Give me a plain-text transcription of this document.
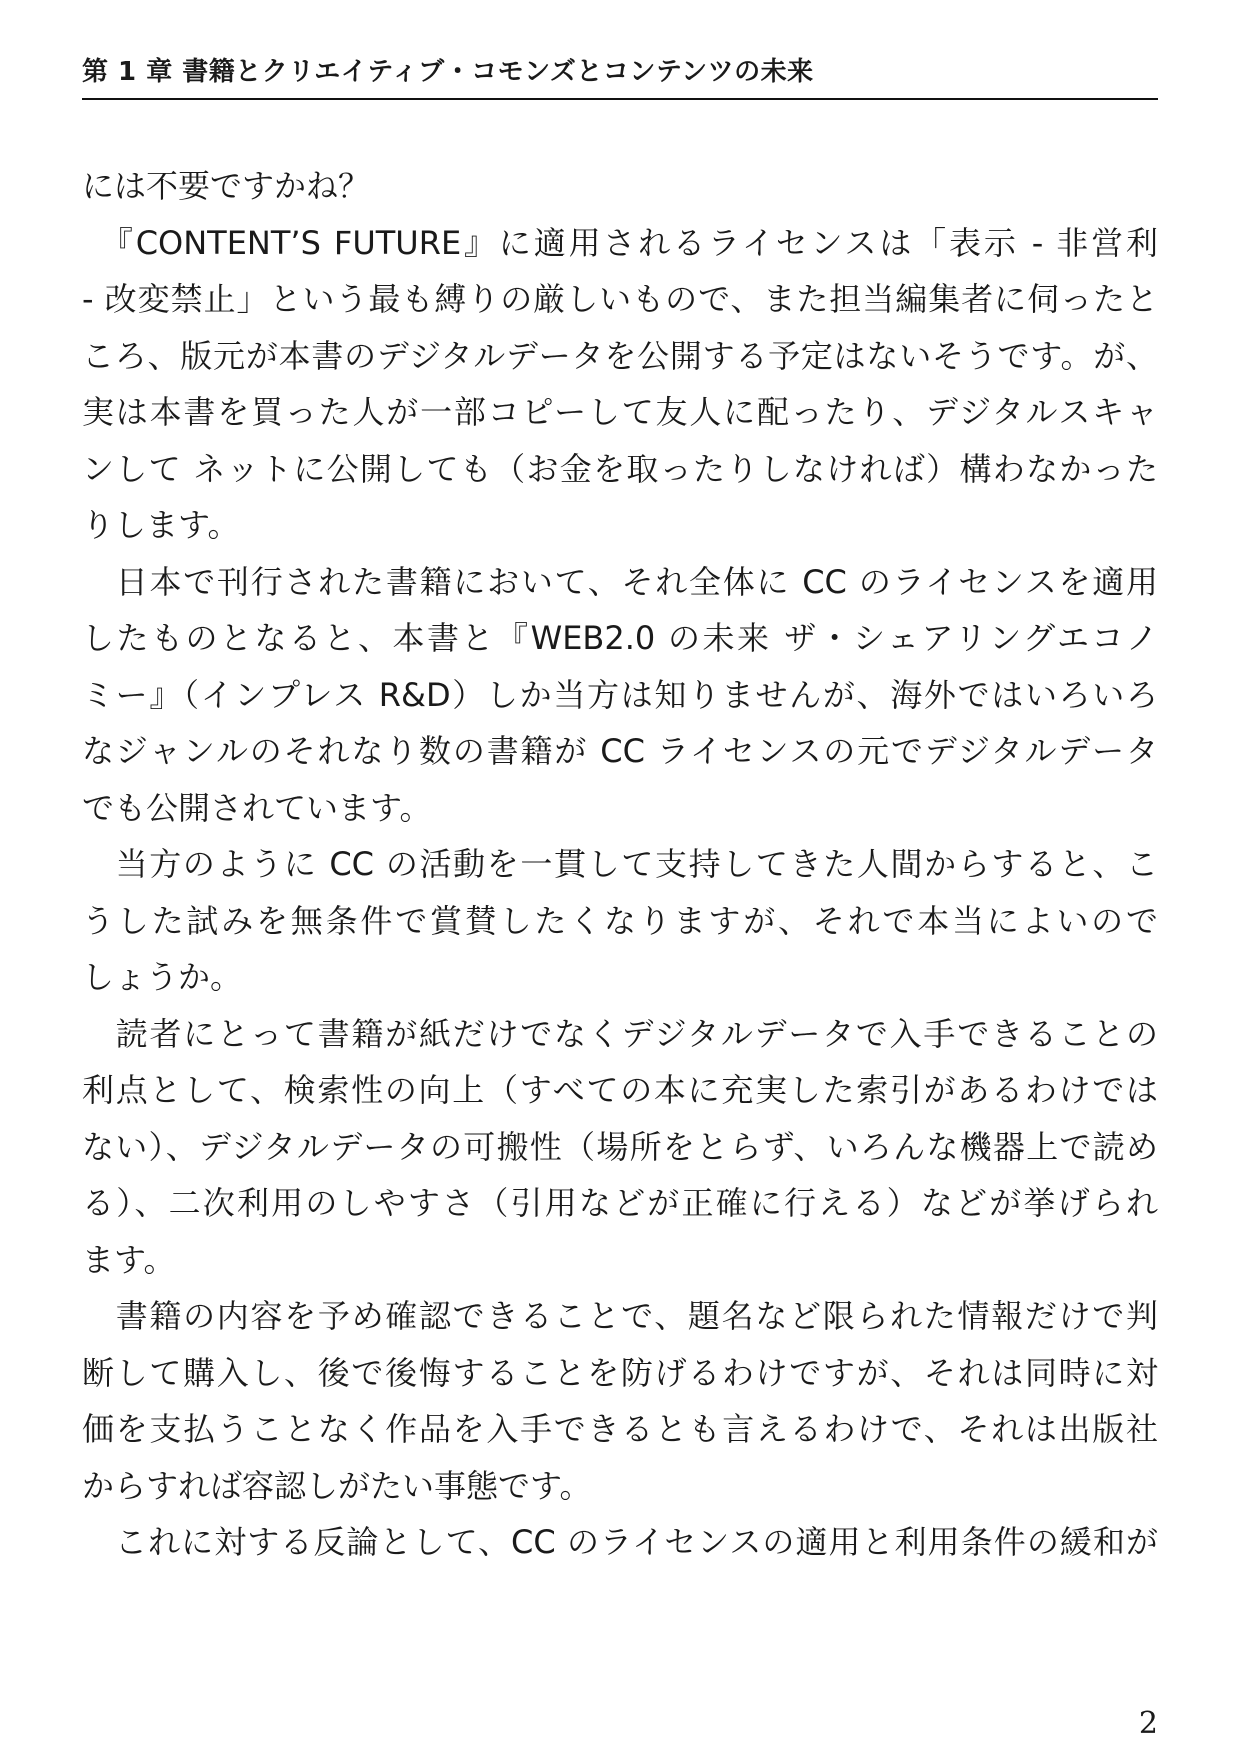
第 1 章 書籍とクリエイティブ・コモンズとコンテンツの未来
には不要ですかね？
　『CONTENT’S FUTURE』に適用されるライセンスは「表示 - 非営利
- 改変禁止」という最も縛りの厳しいもので、また担当編集者に伺ったと
ころ、版元が本書のデジタルデータを公開する予定はないそうです。が、
実は本書を買った人が一部コピーして友人に配ったり、デジタルスキャ
ンして ネットに公開しても（お金を取ったりしなければ）構わなかった
りします。
　日本で刊行された書籍において、それ全体に CC のライセンスを適用
したものとなると、本書と『WEB2.0 の未来 ザ・シェアリングエコノ
ミー』（インプレス R&D）しか当方は知りませんが、海外ではいろいろ
なジャンルのそれなり数の書籍が CC ライセンスの元でデジタルデータ
でも公開されています。
　当方のように CC の活動を一貫して支持してきた人間からすると、こ
うした試みを無条件で賞賛したくなりますが、それで本当によいので
しょうか。
　読者にとって書籍が紙だけでなくデジタルデータで入手できることの
利点として、検索性の向上（すべての本に充実した索引があるわけでは
ない）、デジタルデータの可搬性（場所をとらず、いろんな機器上で読め
る）、二次利用のしやすさ（引用などが正確に行える）などが挙げられ
ます。
　書籍の内容を予め確認できることで、題名など限られた情報だけで判
断して購入し、後で後悔することを防げるわけですが、それは同時に対
価を支払うことなく作品を入手できるとも言えるわけで、それは出版社
からすれば容認しがたい事態です。
　これに対する反論として、CC のライセンスの適用と利用条件の緩和が
2
